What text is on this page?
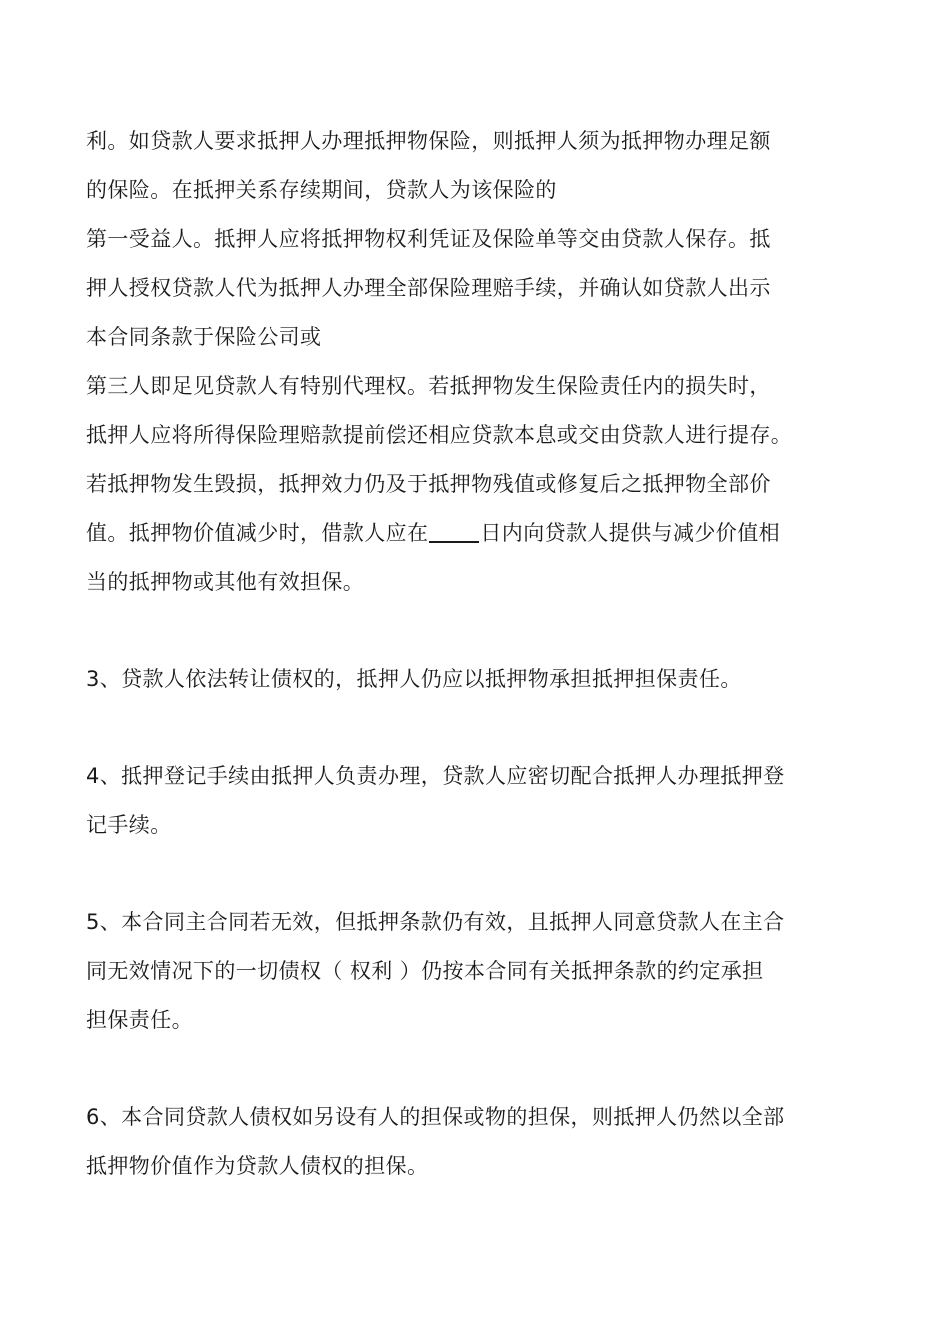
利。如贷款人要求抵押人办理抵押物保险，则抵押人须为抵押物办理足额
的保险。在抵押关系存续期间，贷款人为该保险的
第一受益人。抵押人应将抵押物权利凭证及保险单等交由贷款人保存。抵
押人授权贷款人代为抵押人办理全部保险理赔手续，并确认如贷款人出示
本合同条款于保险公司或
第三人即足见贷款人有特别代理权。若抵押物发生保险责任内的损失时，
抵押人应将所得保险理赔款提前偿还相应贷款本息或交由贷款人进行提存。
若抵押物发生毁损，抵押效力仍及于抵押物残值或修复后之抵押物全部价
值。抵押物价值减少时，借款人应在 日内向贷款人提供与减少价值相
当的抵押物或其他有效担保。
3、贷款人依法转让债权的，抵押人仍应以抵押物承担抵押担保责任。
4、抵押登记手续由抵押人负责办理，贷款人应密切配合抵押人办理抵押登
记手续。
5、本合同主合同若无效，但抵押条款仍有效，且抵押人同意贷款人在主合
同无效情况下的一切债权（ 权利 ）仍按本合同有关抵押条款的约定承担
担保责任。
6、本合同贷款人债权如另设有人的担保或物的担保，则抵押人仍然以全部
抵押物价值作为贷款人债权的担保。
